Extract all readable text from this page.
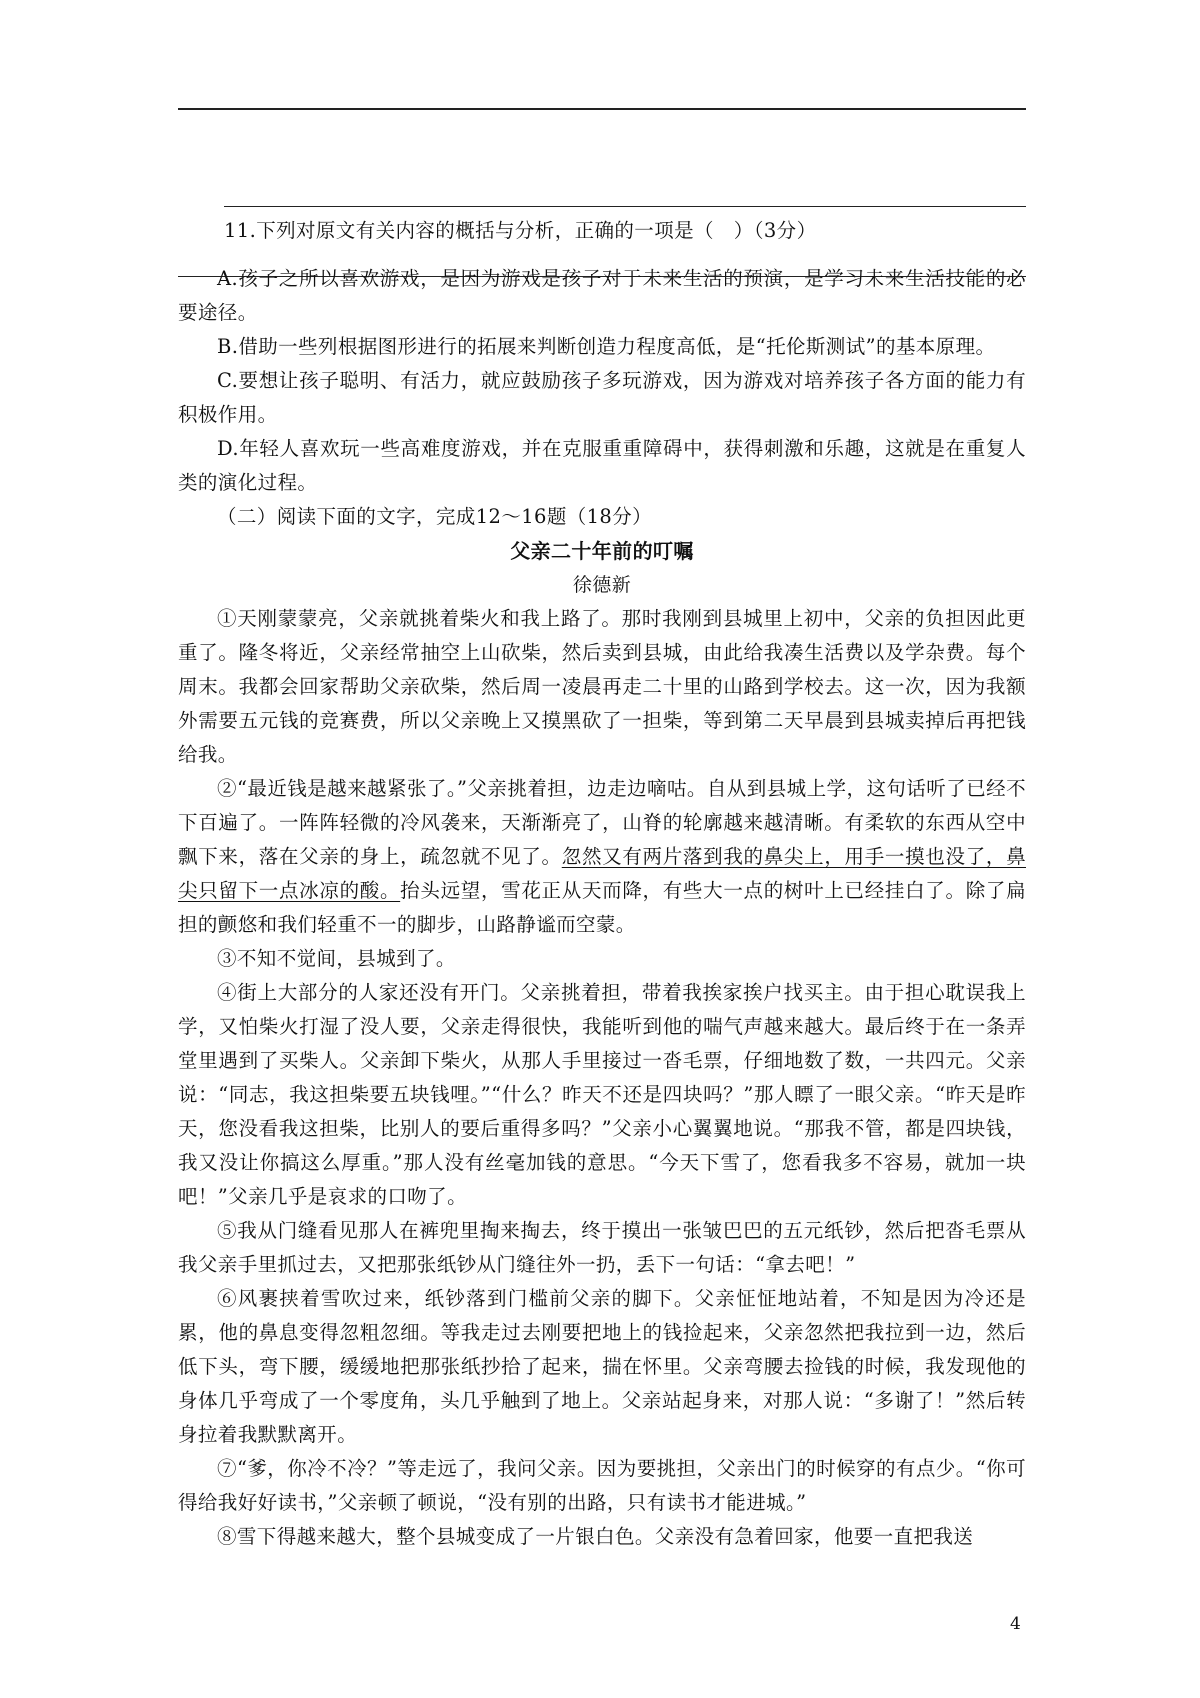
11.下列对原文有关内容的概括与分析，正确的一项是（　）（3分）

A.孩子之所以喜欢游戏，是因为游戏是孩子对于未来生活的预演，是学习未来生活技能的必要途径。

B.借助一些列根据图形进行的拓展来判断创造力程度高低，是“托伦斯测试”的基本原理。

C.要想让孩子聪明、有活力，就应鼓励孩子多玩游戏，因为游戏对培养孩子各方面的能力有积极作用。

D.年轻人喜欢玩一些高难度游戏，并在克服重重障碍中，获得刺激和乐趣，这就是在重复人类的演化过程。

（二）阅读下面的文字，完成12～16题（18分）

父亲二十年前的叮嘱

徐德新

①天刚蒙蒙亮，父亲就挑着柴火和我上路了。那时我刚到县城里上初中，父亲的负担因此更重了。隆冬将近，父亲经常抽空上山砍柴，然后卖到县城，由此给我凑生活费以及学杂费。每个周末。我都会回家帮助父亲砍柴，然后周一凌晨再走二十里的山路到学校去。这一次，因为我额外需要五元钱的竞赛费，所以父亲晚上又摸黑砍了一担柴，等到第二天早晨到县城卖掉后再把钱给我。

②“最近钱是越来越紧张了。”父亲挑着担，边走边嘀咕。自从到县城上学，这句话听了已经不下百遍了。一阵阵轻微的冷风袭来，天渐渐亮了，山脊的轮廓越来越清晰。有柔软的东西从空中飘下来，落在父亲的身上，疏忽就不见了。忽然又有两片落到我的鼻尖上，用手一摸也没了，鼻尖只留下一点冰凉的酸。抬头远望，雪花正从天而降，有些大一点的树叶上已经挂白了。除了扁担的颤悠和我们轻重不一的脚步，山路静谧而空蒙。

③不知不觉间，县城到了。

④街上大部分的人家还没有开门。父亲挑着担，带着我挨家挨户找买主。由于担心耽误我上学，又怕柴火打湿了没人要，父亲走得很快，我能听到他的喘气声越来越大。最后终于在一条弄堂里遇到了买柴人。父亲卸下柴火，从那人手里接过一沓毛票，仔细地数了数，一共四元。父亲说：“同志，我这担柴要五块钱哩。”“什么？昨天不还是四块吗？”那人瞟了一眼父亲。“昨天是昨天，您没看我这担柴，比别人的要后重得多吗？”父亲小心翼翼地说。“那我不管，都是四块钱，我又没让你搞这么厚重。”那人没有丝毫加钱的意思。“今天下雪了，您看我多不容易，就加一块吧！”父亲几乎是哀求的口吻了。

⑤我从门缝看见那人在裤兜里掏来掏去，终于摸出一张皱巴巴的五元纸钞，然后把沓毛票从我父亲手里抓过去，又把那张纸钞从门缝往外一扔，丢下一句话：“拿去吧！”

⑥风裹挟着雪吹过来，纸钞落到门槛前父亲的脚下。父亲怔怔地站着，不知是因为冷还是累，他的鼻息变得忽粗忽细。等我走过去刚要把地上的钱捡起来，父亲忽然把我拉到一边，然后低下头，弯下腰，缓缓地把那张纸抄拾了起来，揣在怀里。父亲弯腰去捡钱的时候，我发现他的身体几乎弯成了一个零度角，头几乎触到了地上。父亲站起身来，对那人说：“多谢了！”然后转身拉着我默默离开。

⑦“爹，你冷不冷？”等走远了，我问父亲。因为要挑担，父亲出门的时候穿的有点少。“你可得给我好好读书，”父亲顿了顿说，“没有别的出路，只有读书才能进城。”

⑧雪下得越来越大，整个县城变成了一片银白色。父亲没有急着回家，他要一直把我送

4
